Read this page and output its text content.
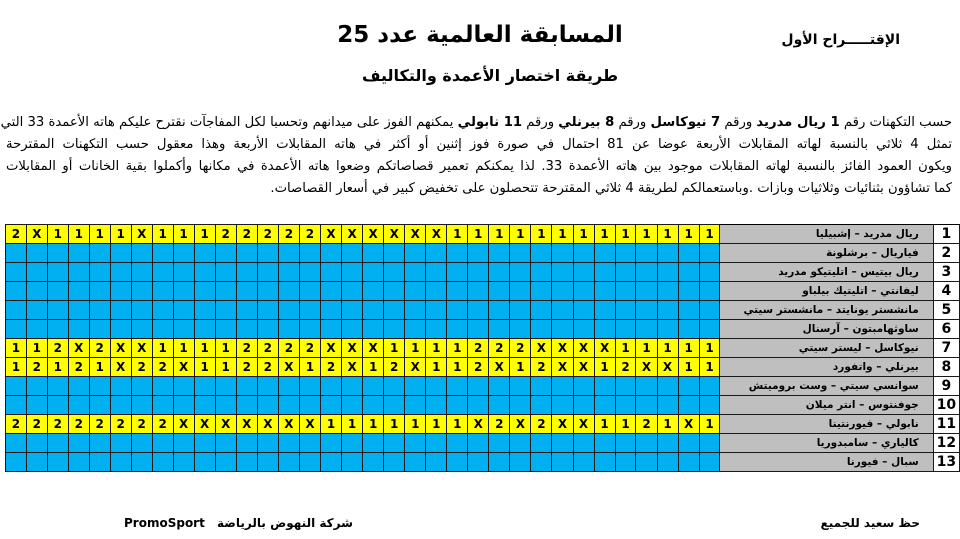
المسابقة العالمية عدد 25	الإقتـــــراح الأول
طريقة اختصار الأعمدة والتكاليف
حسب التكهنات رقم 1 ريال مدريد ورقم 7 نيوكاسل ورقم 8 بيرنلي ورقم 11 نابولي يمكنهم الفوز على ميدانهم وتحسبا لكل المفاجآت نقترح عليكم هاته الأعمدة 33 التي
تمثل 4 ثلاثي بالنسبة لهاته المقابلات الأربعة عوضا عن 81 احتمال في صورة فوز إثنين أو أكثر في هاته المقابلات الأربعة وهذا معقول حسب التكهنات المقترحة
ويكون العمود الفائز بالنسبة لهاته المقابلات موجود بين هاته الأعمدة 33. لذا يمكنكم تعمير قصاصاتكم وضعوا هاته الأعمدة في مكانها وأكملوا بقية الخانات أو المقابلات
كما تشاؤون بثنائيات وثلاثيات وبازات .وباستعمالكم لطريقة 4 ثلاثي المقترحة تتحصلون على تخفيض كبير في أسعار القصاصات.
2	X	1	1	1	1	X	1	1	1	2	2	2	2	2	X	X	X	X	X	X	1	1	1	1	1	1	1	1	1	1	1	1	1	ريال مدريد – إشبيليا	1
																																		فياريال – برشلونة	2
																																		ريال بيتيس – اتليتيكو مدريد	3
																																		ليفانتي – اتليتيك بيلباو	4
																																		مانشستر يونايتد – مانشستر سيتي	5
																																		ساوثهامبتون – آرسنال	6
1	1	2	X	2	X	X	1	1	1	1	2	2	2	2	X	X	X	1	1	1	1	2	2	2	X	X	X	X	1	1	1	1	1	نيوكاسل – ليستر سيتي	7
1	2	1	2	1	X	2	2	X	1	1	2	2	X	1	2	X	1	2	X	1	1	2	X	1	2	X	X	1	2	X	X	1	1	بيرنلي – واتفورد	8
																																		سوانسي سيتي – وست بروميتش	9
																																		جوفنتوس – انتر ميلان	10
2	2	2	2	2	2	2	2	X	X	X	X	X	X	X	1	1	1	1	1	1	1	X	2	X	2	X	X	1	1	2	1	X	1	نابولي – فيورنتينا	11
																																		كالياري – سامبدوريا	12
																																		سبال – فيورنا	13
حظ سعيد للجميع
PromoSport شركة النهوض بالرياضة
